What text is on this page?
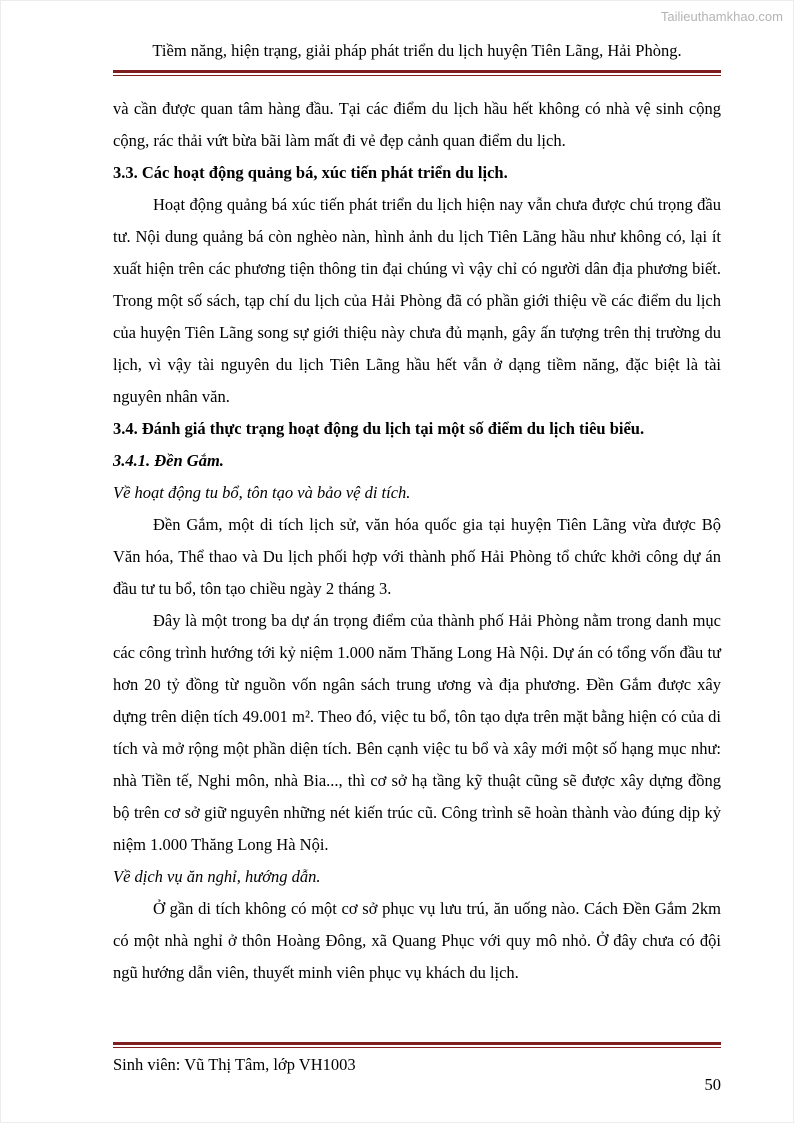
Tailieuthamkhao.com
Tiềm năng, hiện trạng, giải pháp phát triển du lịch huyện Tiên Lãng, Hải Phòng.

và cần được quan tâm hàng đầu. Tại các điểm du lịch hầu hết không có nhà vệ sinh cộng cộng, rác thải vứt bừa bãi làm mất đi vẻ đẹp cảnh quan điểm du lịch.

3.3. Các hoạt động quảng bá, xúc tiến phát triển du lịch.

Hoạt động quảng bá xúc tiến phát triển du lịch hiện nay vẫn chưa được chú trọng đầu tư. Nội dung quảng bá còn nghèo nàn, hình ảnh du lịch Tiên Lãng hầu như không có, lại ít xuất hiện trên các phương tiện thông tin đại chúng vì vậy chỉ có người dân địa phương biết. Trong một số sách, tạp chí du lịch của Hải Phòng đã có phần giới thiệu về các điểm du lịch của huyện Tiên Lãng song sự giới thiệu này chưa đủ mạnh, gây ấn tượng trên thị trường du lịch, vì vậy tài nguyên du lịch Tiên Lãng hầu hết vẫn ở dạng tiềm năng, đặc biệt là tài nguyên nhân văn.

3.4. Đánh giá thực trạng hoạt động du lịch tại một số điểm du lịch tiêu biểu.

3.4.1. Đền Gắm.

Về hoạt động tu bổ, tôn tạo và bảo vệ di tích.

Đền Gắm, một di tích lịch sử, văn hóa quốc gia tại huyện Tiên Lãng vừa được Bộ Văn hóa, Thể thao và Du lịch phối hợp với thành phố Hải Phòng tổ chức khởi công dự án đầu tư tu bổ, tôn tạo chiều ngày 2 tháng 3.

Đây là một trong ba dự án trọng điểm của thành phố Hải Phòng nằm trong danh mục các công trình hướng tới kỷ niệm 1.000 năm Thăng Long Hà Nội. Dự án có tổng vốn đầu tư hơn 20 tỷ đồng từ nguồn vốn ngân sách trung ương và địa phương. Đền Gắm được xây dựng trên diện tích 49.001 m². Theo đó, việc tu bổ, tôn tạo dựa trên mặt bằng hiện có của di tích và mở rộng một phần diện tích. Bên cạnh việc tu bổ và xây mới một số hạng mục như: nhà Tiền tế, Nghi môn, nhà Bia..., thì cơ sở hạ tầng kỹ thuật cũng sẽ được xây dựng đồng bộ trên cơ sở giữ nguyên những nét kiến trúc cũ. Công trình sẽ hoàn thành vào đúng dịp kỷ niệm 1.000 Thăng Long Hà Nội.

Về dịch vụ ăn nghỉ, hướng dẫn.

Ở gần di tích không có một cơ sở phục vụ lưu trú, ăn uống nào. Cách Đền Gắm 2km có một nhà nghỉ ở thôn Hoàng Đông, xã Quang Phục với quy mô nhỏ. Ở đây chưa có đội ngũ hướng dẫn viên, thuyết minh viên phục vụ khách du lịch.

Sinh viên: Vũ Thị Tâm, lớp VH1003
50
